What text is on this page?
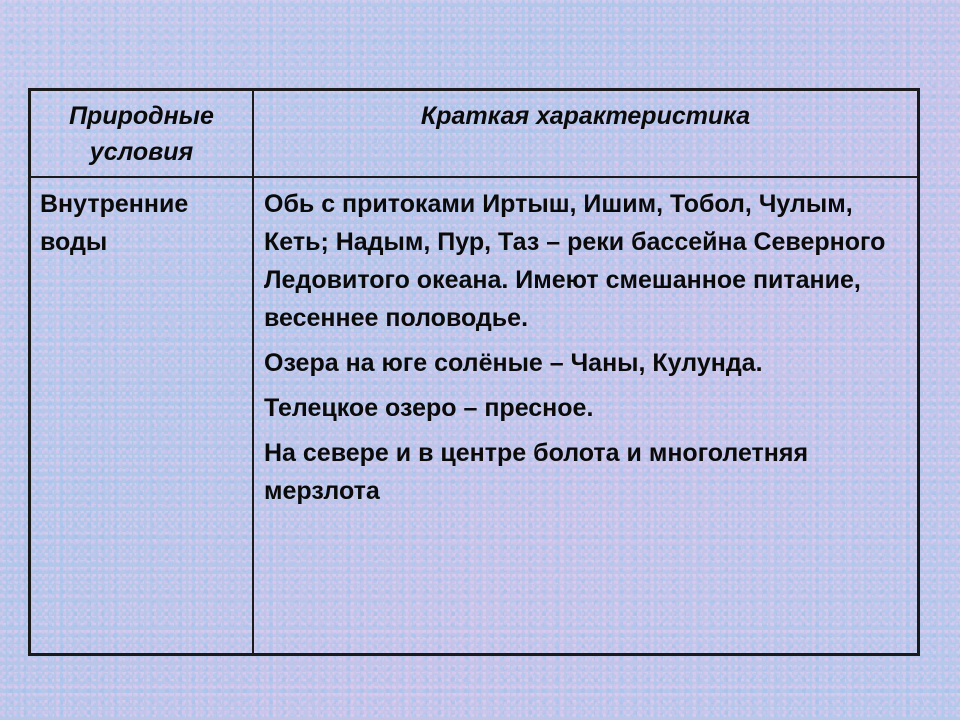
Природные условия
Краткая характеристика
Внутренние воды

Обь с притоками Иртыш, Ишим, Тобол, Чулым, Кеть; Надым, Пур, Таз – реки бассейна Северного Ледовитого океана. Имеют смешанное питание, весеннее половодье.

Озера на юге солёные – Чаны, Кулунда.

Телецкое озеро – пресное.

На севере и в центре болота и многолетняя мерзлота
